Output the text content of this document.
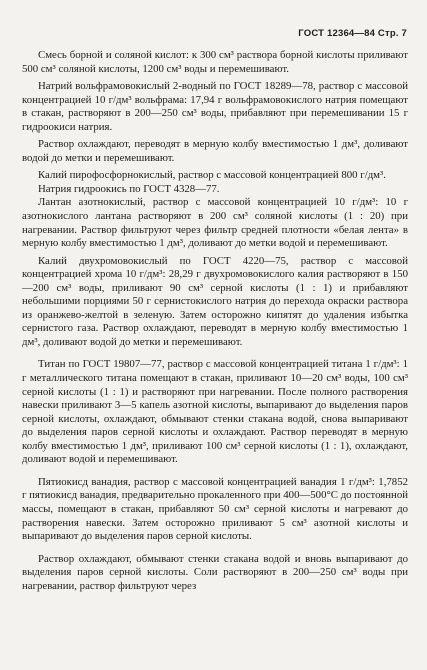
ГОСТ 12364—84 Стр. 7

Смесь борной и соляной кислот: к 300 см³ раствора борной кислоты приливают 500 см³ соляной кислоты, 1200 см³ воды и перемешивают.

Натрий вольфрамовокислый 2-водный по ГОСТ 18289—78, раствор с массовой концентрацией 10 г/дм³ вольфрама: 17,94 г вольфрамовокислого натрия помещают в стакан, растворяют в 200—250 см³ воды, прибавляют при перемешивании 15 г гидроокиси натрия.

Раствор охлаждают, переводят в мерную колбу вместимостью 1 дм³, доливают водой до метки и перемешивают.

Калий пирофосфорнокислый, раствор с массовой концентрацией 800 г/дм³.

Натрия гидроокись по ГОСТ 4328—77.

Лантан азотнокислый, раствор с массовой концентрацией 10 г/дм³: 10 г азотнокислого лантана растворяют в 200 см³ соляной кислоты (1 : 20) при нагревании. Раствор фильтруют через фильтр средней плотности «белая лента» в мерную колбу вместимостью 1 дм³, доливают до метки водой и перемешивают.

Калий двухромовокислый по ГОСТ 4220—75, раствор с массовой концентрацией хрома 10 г/дм³: 28,29 г двухромовокислого калия растворяют в 150—200 см³ воды, приливают 90 см³ серной кислоты (1 : 1) и прибавляют небольшими порциями 50 г сернистокислого натрия до перехода окраски раствора из оранжево-желтой в зеленую. Затем осторожно кипятят до удаления избытка сернистого газа. Раствор охлаждают, переводят в мерную колбу вместимостью 1 дм³, доливают водой до метки и перемешивают.

Титан по ГОСТ 19807—77, раствор с массовой концентрацией титана 1 г/дм³: 1 г металлического титана помещают в стакан, приливают 10—20 см³ воды, 100 см³ серной кислоты (1 : 1) и растворяют при нагревании. После полного растворения навески приливают 3—5 капель азотной кислоты, выпаривают до выделения паров серной кислоты, охлаждают, обмывают стенки стакана водой, снова выпаривают до выделения паров серной кислоты и охлаждают. Раствор переводят в мерную колбу вместимостью 1 дм³, приливают 100 см³ серной кислоты (1 : 1), охлаждают, доливают водой и перемешивают.

Пятиокисд ванадия, раствор с массовой концентрацией ванадия 1 г/дм³: 1,7852 г пятиокисд ванадия, предварительно прокаленного при 400—500°C до постоянной массы, помещают в стакан, прибавляют 50 см³ серной кислоты и нагревают до растворения навески. Затем осторожно приливают 5 см³ азотной кислоты и выпаривают до выделения паров серной кислоты.

Раствор охлаждают, обмывают стенки стакана водой и вновь выпаривают до выделения паров серной кислоты. Соли растворяют в 200—250 см³ воды при нагревании, раствор фильтруют через
